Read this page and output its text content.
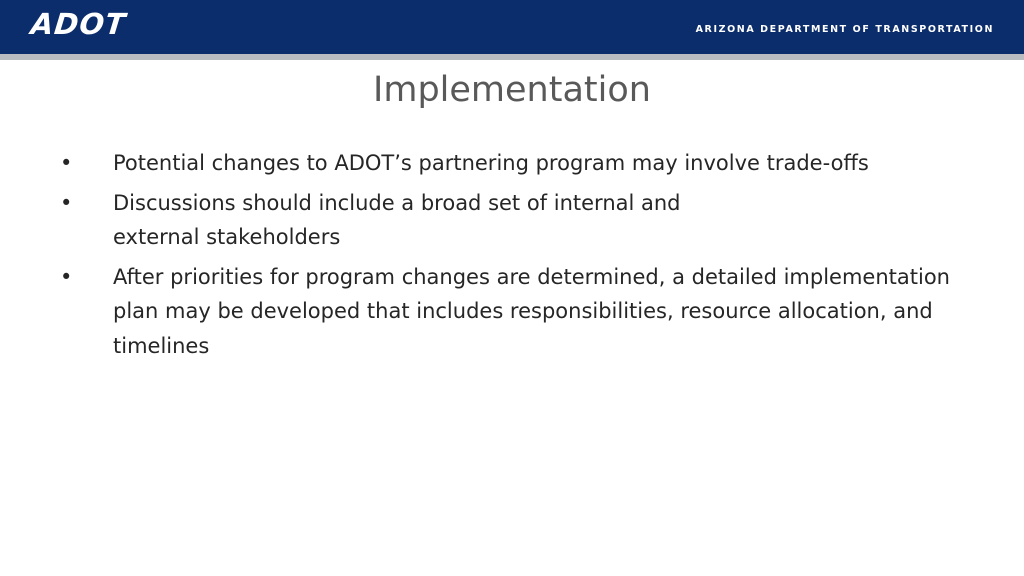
ADOT	ARIZONA DEPARTMENT OF TRANSPORTATION
Implementation
•	Potential changes to ADOT’s partnering program may involve trade-offs
•	Discussions should include a broad set of internal and external stakeholders
•	After priorities for program changes are determined, a detailed implementation plan may be developed that includes responsibilities, resource allocation, and timelines
